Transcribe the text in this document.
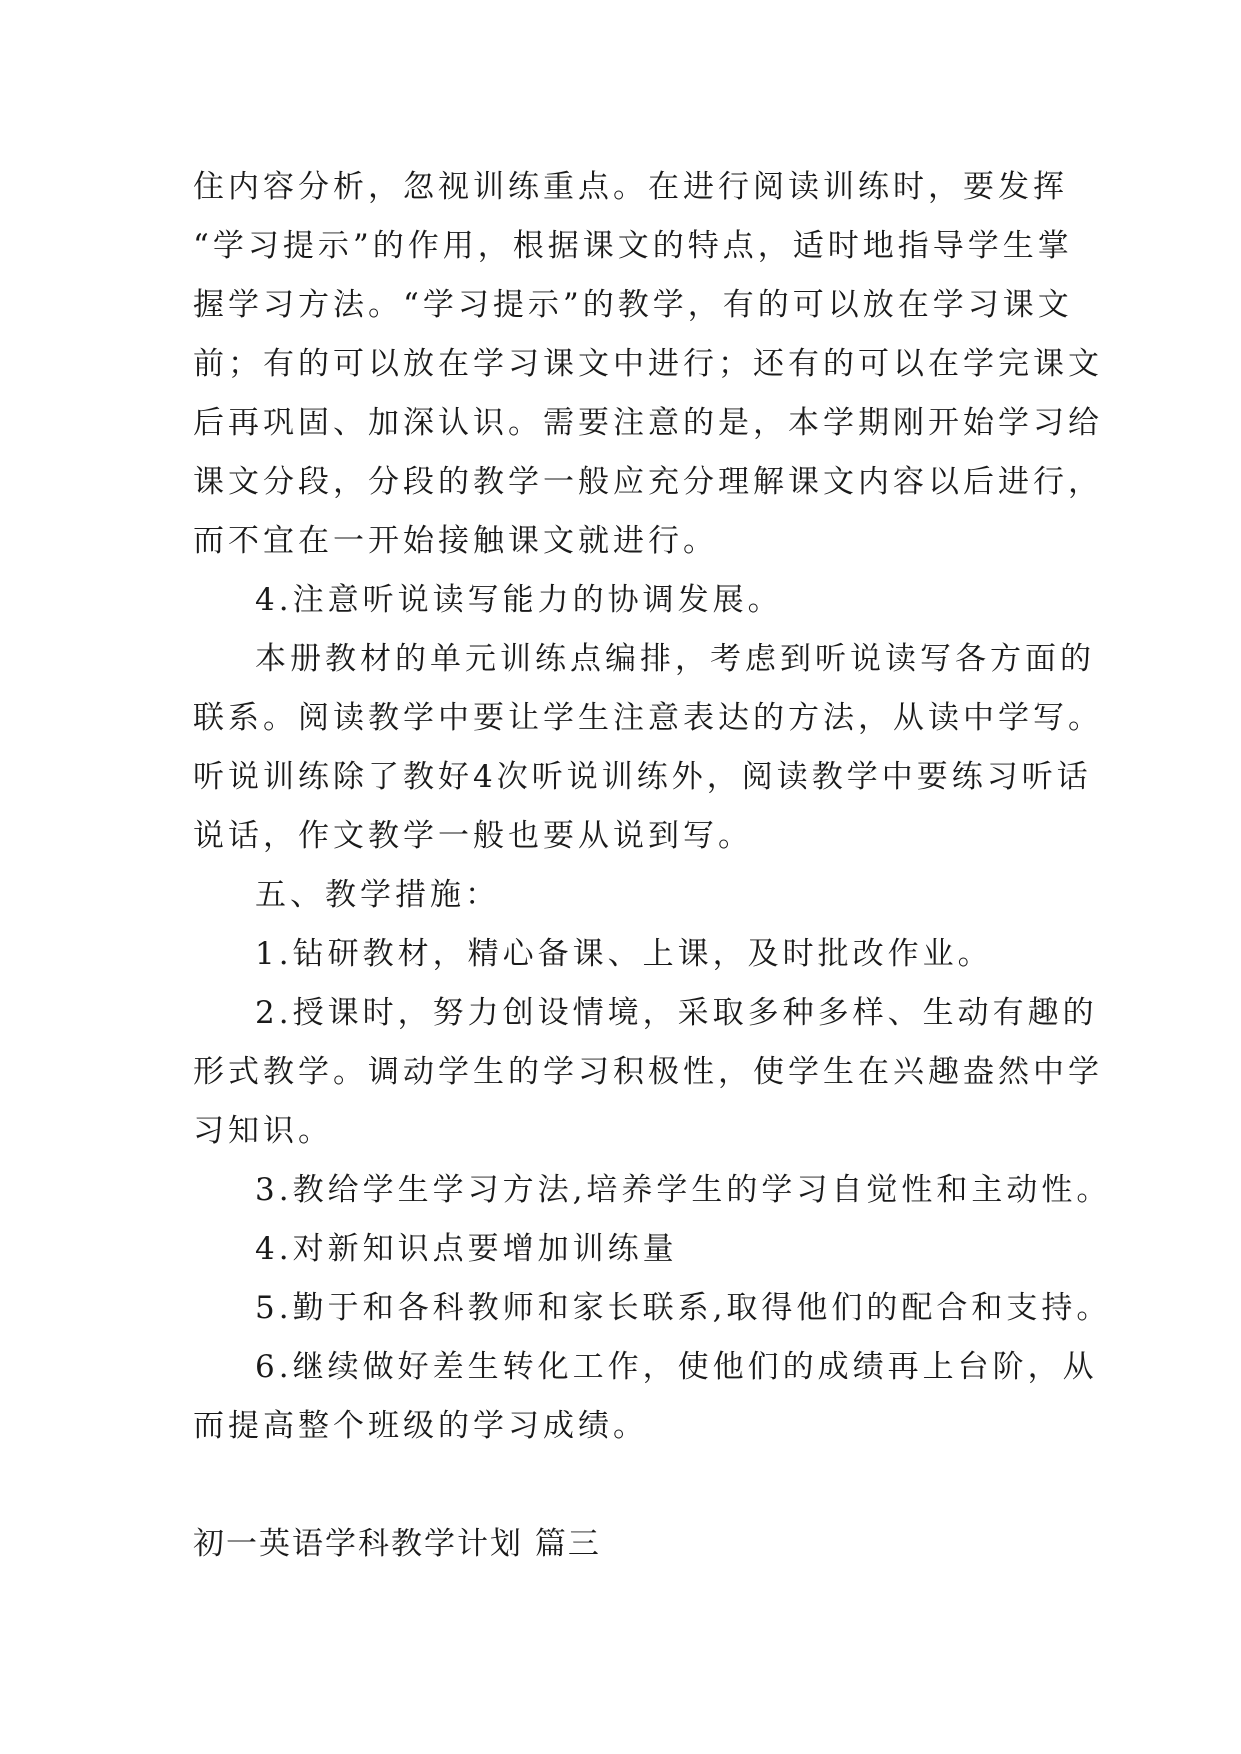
住内容分析，忽视训练重点。在进行阅读训练时，要发挥
“学习提示”的作用，根据课文的特点，适时地指导学生掌
握学习方法。“学习提示”的教学，有的可以放在学习课文
前；有的可以放在学习课文中进行；还有的可以在学完课文
后再巩固、加深认识。需要注意的是，本学期刚开始学习给
课文分段，分段的教学一般应充分理解课文内容以后进行，
而不宜在一开始接触课文就进行。
4.注意听说读写能力的协调发展。
本册教材的单元训练点编排，考虑到听说读写各方面的
联系。阅读教学中要让学生注意表达的方法，从读中学写。
听说训练除了教好4次听说训练外，阅读教学中要练习听话
说话，作文教学一般也要从说到写。
五、教学措施：
1.钻研教材，精心备课、上课，及时批改作业。
2.授课时，努力创设情境，采取多种多样、生动有趣的
形式教学。调动学生的学习积极性，使学生在兴趣盎然中学
习知识。
3.教给学生学习方法,培养学生的学习自觉性和主动性。
4.对新知识点要增加训练量
5.勤于和各科教师和家长联系,取得他们的配合和支持。
6.继续做好差生转化工作，使他们的成绩再上台阶，从
而提高整个班级的学习成绩。
初一英语学科教学计划 篇三
